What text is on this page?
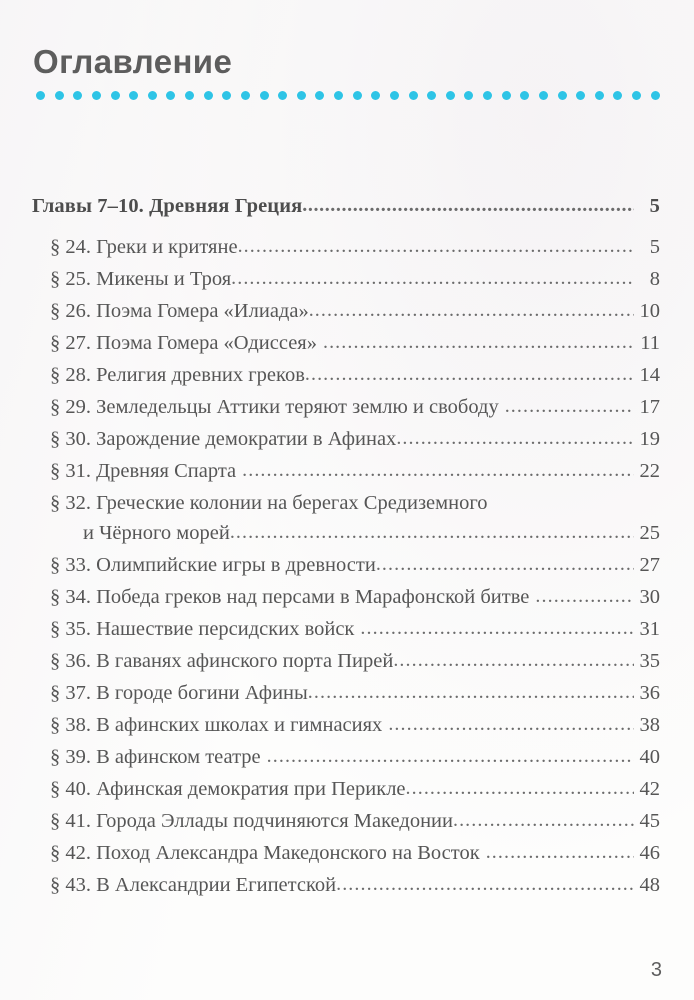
Оглавление
Главы 7–10. Древняя Греция .....	5
§ 24. Греки и критяне .....	5
§ 25. Микены и Троя .....	8
§ 26. Поэма Гомера «Илиада» .....	10
§ 27. Поэма Гомера «Одиссея» .....	11
§ 28. Религия древних греков .....	14
§ 29. Земледельцы Аттики теряют землю и свободу .....	17
§ 30. Зарождение демократии в Афинах .....	19
§ 31. Древняя Спарта .....	22
§ 32. Греческие колонии на берегах Средиземного
и Чёрного морей .....	25
§ 33. Олимпийские игры в древности .....	27
§ 34. Победа греков над персами в Марафонской битве .....	30
§ 35. Нашествие персидских войск .....	31
§ 36. В гаванях афинского порта Пирей .....	35
§ 37. В городе богини Афины .....	36
§ 38. В афинских школах и гимнасиях .....	38
§ 39. В афинском театре .....	40
§ 40. Афинская демократия при Перикле .....	42
§ 41. Города Эллады подчиняются Македонии .....	45
§ 42. Поход Александра Македонского на Восток .....	46
§ 43. В Александрии Египетской .....	48
3
